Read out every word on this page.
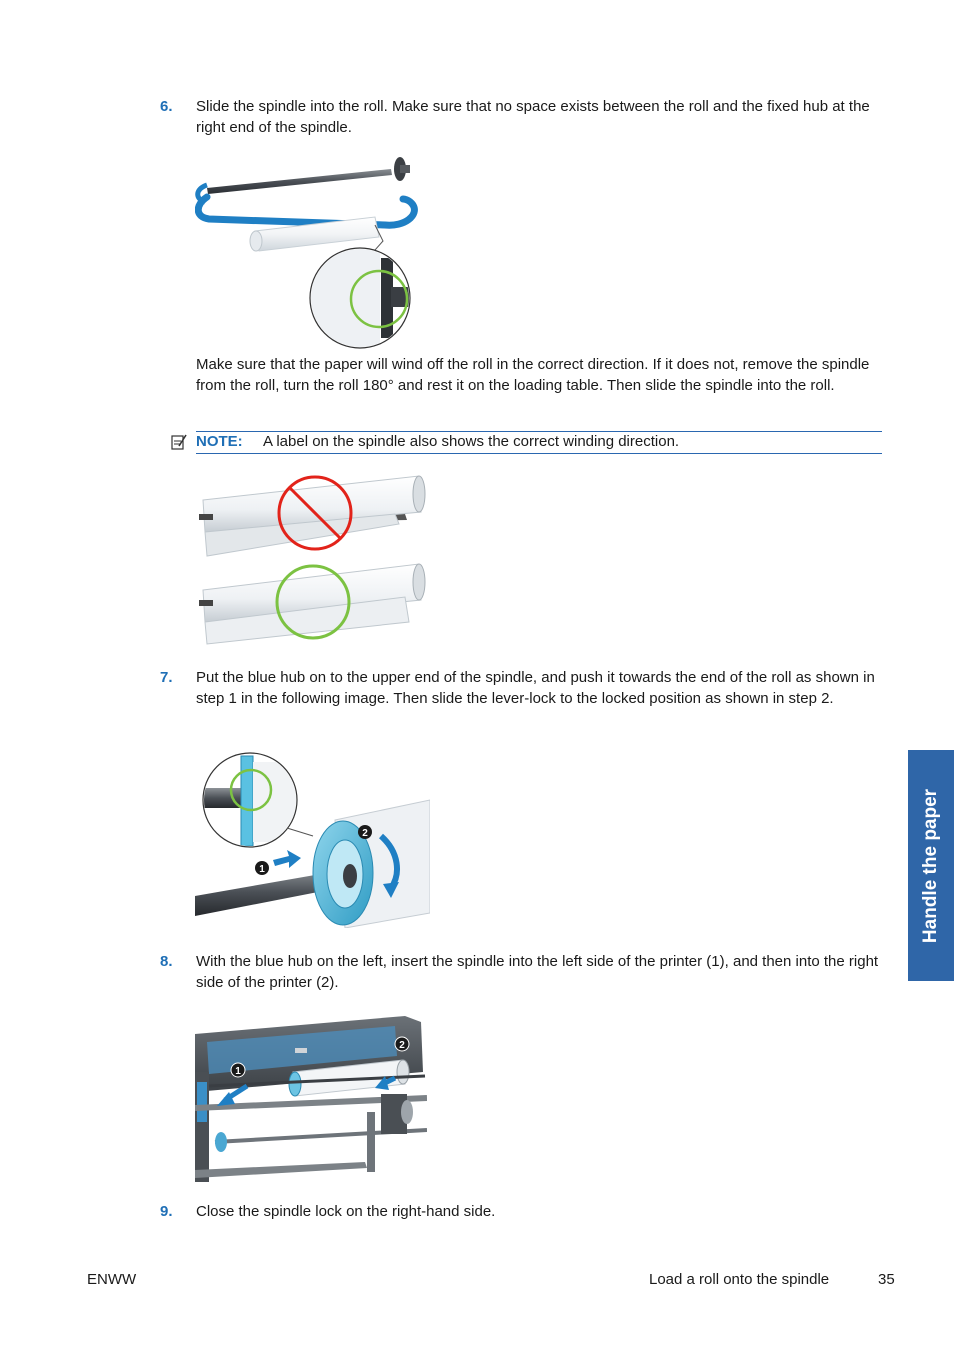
6. Slide the spindle into the roll. Make sure that no space exists between the roll and the fixed hub at the right end of the spindle.
Make sure that the paper will wind off the roll in the correct direction. If it does not, remove the spindle from the roll, turn the roll 180° and rest it on the loading table. Then slide the spindle into the roll.
NOTE: A label on the spindle also shows the correct winding direction.
7. Put the blue hub on to the upper end of the spindle, and push it towards the end of the roll as shown in step 1 in the following image. Then slide the lever-lock to the locked position as shown in step 2.
1
2
8. With the blue hub on the left, insert the spindle into the left side of the printer (1), and then into the right side of the printer (2).
1
2
9. Close the spindle lock on the right-hand side.
Handle the paper
ENWW	Load a roll onto the spindle	35
